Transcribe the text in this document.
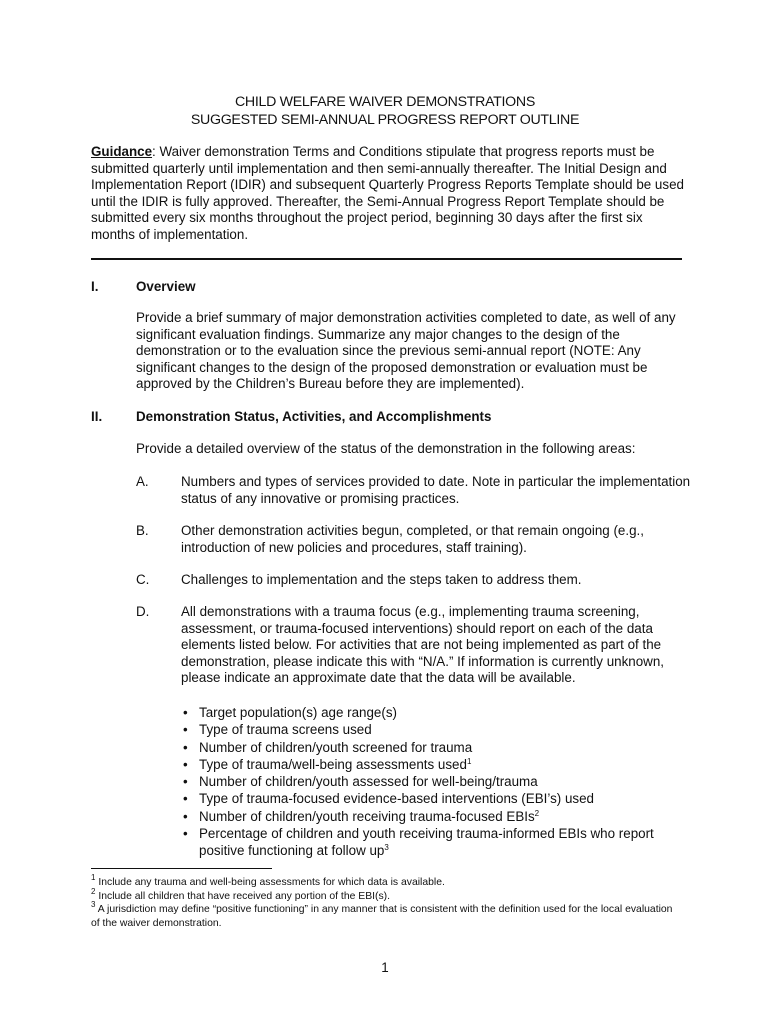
CHILD WELFARE WAIVER DEMONSTRATIONS
SUGGESTED SEMI-ANNUAL PROGRESS REPORT OUTLINE
Guidance: Waiver demonstration Terms and Conditions stipulate that progress reports must be submitted quarterly until implementation and then semi-annually thereafter. The Initial Design and Implementation Report (IDIR) and subsequent Quarterly Progress Reports Template should be used until the IDIR is fully approved. Thereafter, the Semi-Annual Progress Report Template should be submitted every six months throughout the project period, beginning 30 days after the first six months of implementation.
I.	Overview
Provide a brief summary of major demonstration activities completed to date, as well of any significant evaluation findings. Summarize any major changes to the design of the demonstration or to the evaluation since the previous semi-annual report (NOTE: Any significant changes to the design of the proposed demonstration or evaluation must be approved by the Children’s Bureau before they are implemented).
II.	Demonstration Status, Activities, and Accomplishments
Provide a detailed overview of the status of the demonstration in the following areas:
A. Numbers and types of services provided to date. Note in particular the implementation status of any innovative or promising practices.
B. Other demonstration activities begun, completed, or that remain ongoing (e.g., introduction of new policies and procedures, staff training).
C. Challenges to implementation and the steps taken to address them.
D. All demonstrations with a trauma focus (e.g., implementing trauma screening, assessment, or trauma-focused interventions) should report on each of the data elements listed below. For activities that are not being implemented as part of the demonstration, please indicate this with “N/A.” If information is currently unknown, please indicate an approximate date that the data will be available.
• Target population(s) age range(s)
• Type of trauma screens used
• Number of children/youth screened for trauma
• Type of trauma/well-being assessments used$^1$
• Number of children/youth assessed for well-being/trauma
• Type of trauma-focused evidence-based interventions (EBI’s) used
• Number of children/youth receiving trauma-focused EBIs$^2$
• Percentage of children and youth receiving trauma-informed EBIs who report positive functioning at follow $up^3$
$^1$ Include any trauma and well-being assessments for which data is available.
$^2$ Include all children that have received any portion of the EBI(s).
$^3$ A jurisdiction may define “positive functioning” in any manner that is consistent with the definition used for the local evaluation of the waiver demonstration.
1
